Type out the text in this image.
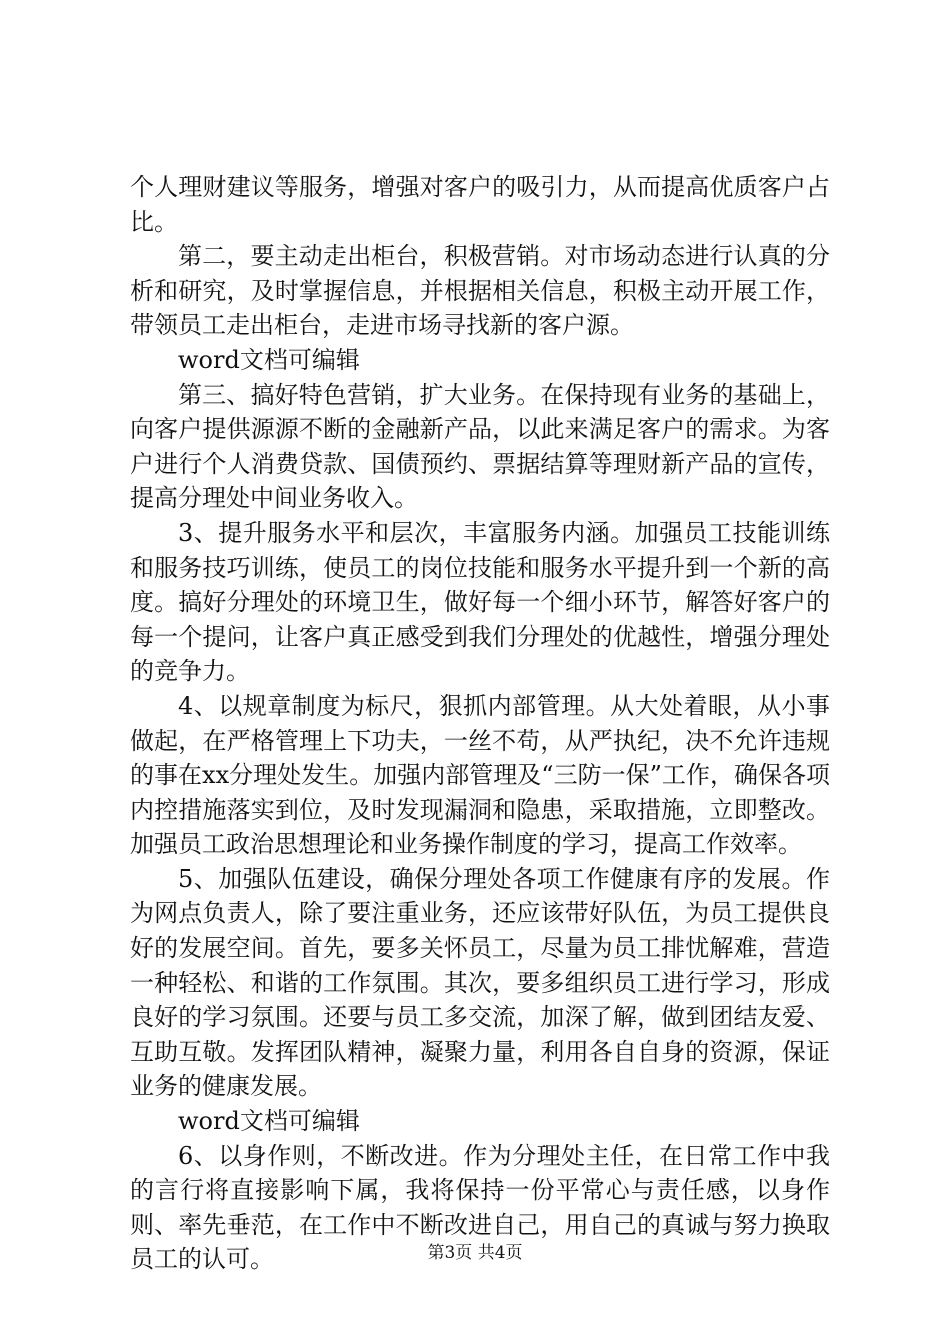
个人理财建议等服务，增强对客户的吸引力，从而提高优质客户占比。

第二，要主动走出柜台，积极营销。对市场动态进行认真的分析和研究，及时掌握信息，并根据相关信息，积极主动开展工作，带领员工走出柜台，走进市场寻找新的客户源。

word文档可编辑

第三、搞好特色营销，扩大业务。在保持现有业务的基础上，向客户提供源源不断的金融新产品，以此来满足客户的需求。为客户进行个人消费贷款、国债预约、票据结算等理财新产品的宣传，提高分理处中间业务收入。

3、提升服务水平和层次，丰富服务内涵。加强员工技能训练和服务技巧训练，使员工的岗位技能和服务水平提升到一个新的高度。搞好分理处的环境卫生，做好每一个细小环节，解答好客户的每一个提问，让客户真正感受到我们分理处的优越性，增强分理处的竞争力。

4、以规章制度为标尺，狠抓内部管理。从大处着眼，从小事做起，在严格管理上下功夫，一丝不苟，从严执纪，决不允许违规的事在xx分理处发生。加强内部管理及“三防一保”工作，确保各项内控措施落实到位，及时发现漏洞和隐患，采取措施，立即整改。加强员工政治思想理论和业务操作制度的学习，提高工作效率。

5、加强队伍建设，确保分理处各项工作健康有序的发展。作为网点负责人，除了要注重业务，还应该带好队伍，为员工提供良好的发展空间。首先，要多关怀员工，尽量为员工排忧解难，营造一种轻松、和谐的工作氛围。其次，要多组织员工进行学习，形成良好的学习氛围。还要与员工多交流，加深了解，做到团结友爱、互助互敬。发挥团队精神，凝聚力量，利用各自自身的资源，保证业务的健康发展。

word文档可编辑

6、以身作则，不断改进。作为分理处主任，在日常工作中我的言行将直接影响下属，我将保持一份平常心与责任感，以身作则、率先垂范，在工作中不断改进自己，用自己的真诚与努力换取员工的认可。	第3页 共4页
